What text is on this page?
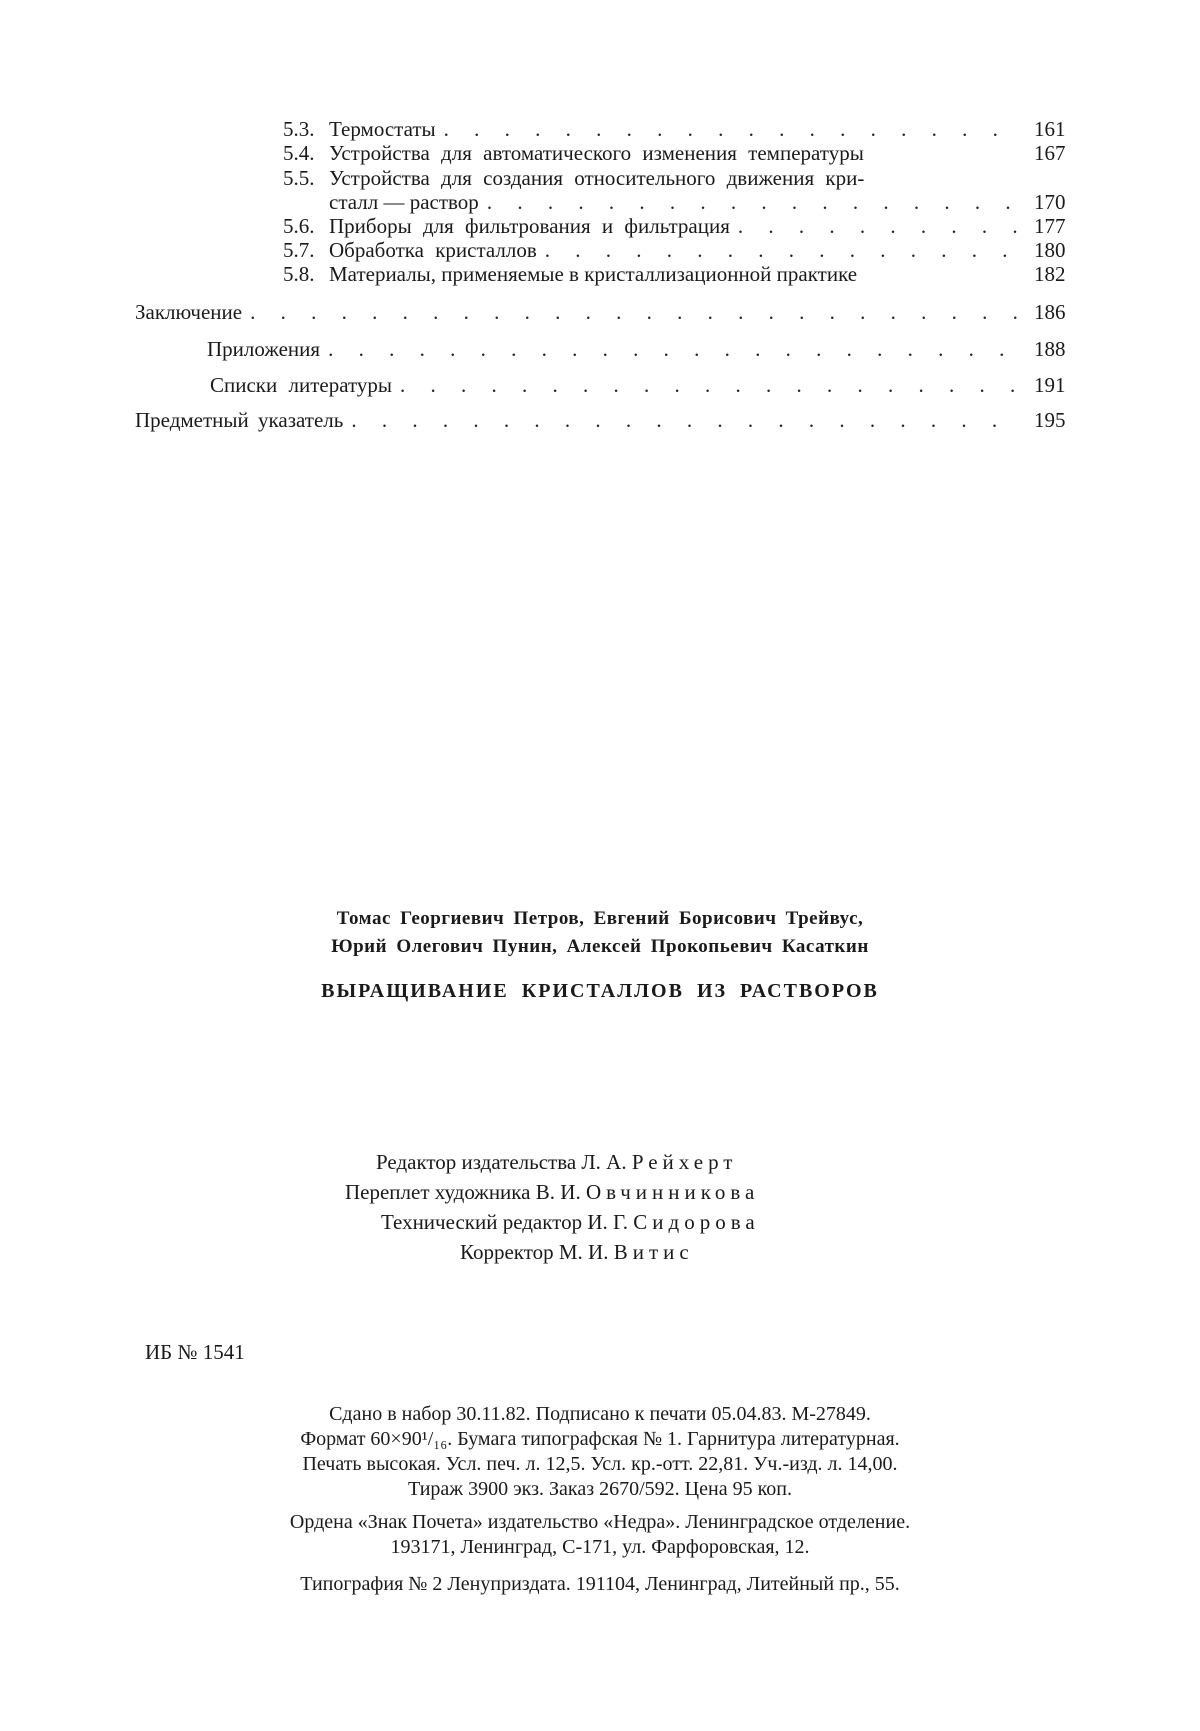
5.3. Термостаты . . .	161
5.4. Устройства для автоматического изменения температуры	167
5.5. Устройства для создания относительного движения кри-
сталл — раствор . . .	170
5.6. Приборы для фильтрования и фильтрация . . .	177
5.7. Обработка кристаллов . . .	180
5.8. Материалы, применяемые в кристаллизационной практике	182
Заключение . . .	186
Приложения . . .	188
Списки литературы . . .	191
Предметный указатель . . .	195
Томас Георгиевич Петров, Евгений Борисович Трейвус,
Юрий Олегович Пунин, Алексей Прокопьевич Касаткин
ВЫРАЩИВАНИЕ КРИСТАЛЛОВ ИЗ РАСТВОРОВ
Редактор издательства Л. А. Рейхерт
Переплет художника В. И. Овчинникова
Технический редактор И. Г. Сидорова
Корректор М. И. Витис
ИБ № 1541
Сдано в набор 30.11.82. Подписано к печати 05.04.83. М-27849.
Формат 60×90¹/₁₆. Бумага типографская № 1. Гарнитура литературная.
Печать высокая. Усл. печ. л. 12,5. Усл. кр.-отт. 22,81. Уч.-изд. л. 14,00.
Тираж 3900 экз. Заказ 2670/592. Цена 95 коп.
Ордена «Знак Почета» издательство «Недра». Ленинградское отделение.
193171, Ленинград, С-171, ул. Фарфоровская, 12.
Типография № 2 Ленуприздата. 191104, Ленинград, Литейный пр., 55.
